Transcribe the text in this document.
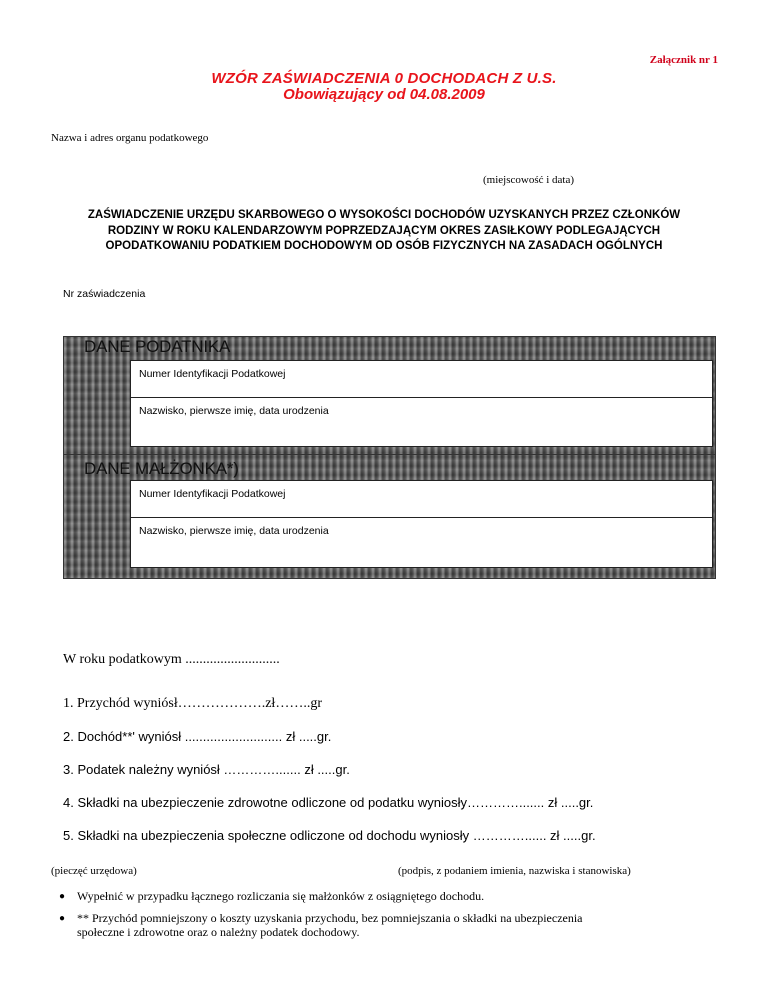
Załącznik nr 1
WZÓR ZAŚWIADCZENIA 0 DOCHODACH Z U.S.
Obowiązujący od 04.08.2009
Nazwa i adres organu podatkowego
(miejscowość i data)
ZAŚWIADCZENIE URZĘDU SKARBOWEGO O WYSOKOŚCI DOCHODÓW UZYSKANYCH PRZEZ CZŁONKÓW
RODZINY W ROKU KALENDARZOWYM POPRZEDZAJĄCYM OKRES ZASIŁKOWY PODLEGAJĄCYCH
OPODATKOWANIU PODATKIEM DOCHODOWYM OD OSÓB FIZYCZNYCH NA ZASADACH OGÓLNYCH
Nr zaświadczenia
DANE PODATNIKA
Numer Identyfikacji Podatkowej
Nazwisko, pierwsze imię, data urodzenia
DANE MAŁŻONKA*)
Numer Identyfikacji Podatkowej
Nazwisko, pierwsze imię, data urodzenia
W roku podatkowym ...........................
1. Przychód wyniósł……………….zł……..gr
2. Dochód**' wyniósł ........................... zł .....gr.
3. Podatek należny wyniósł …………....... zł .....gr.
4. Składki na ubezpieczenie zdrowotne odliczone od podatku wyniosły…………....... zł .....gr.
5. Składki na ubezpieczenia społeczne odliczone od dochodu wyniosły …………...... zł .....gr.
(pieczęć urzędowa)	(podpis, z podaniem imienia, nazwiska i stanowiska)
● Wypełnić w przypadku łącznego rozliczania się małżonków z osiągniętego dochodu.
● ** Przychód pomniejszony o koszty uzyskania przychodu, bez pomniejszania o składki na ubezpieczenia
społeczne i zdrowotne oraz o należny podatek dochodowy.
